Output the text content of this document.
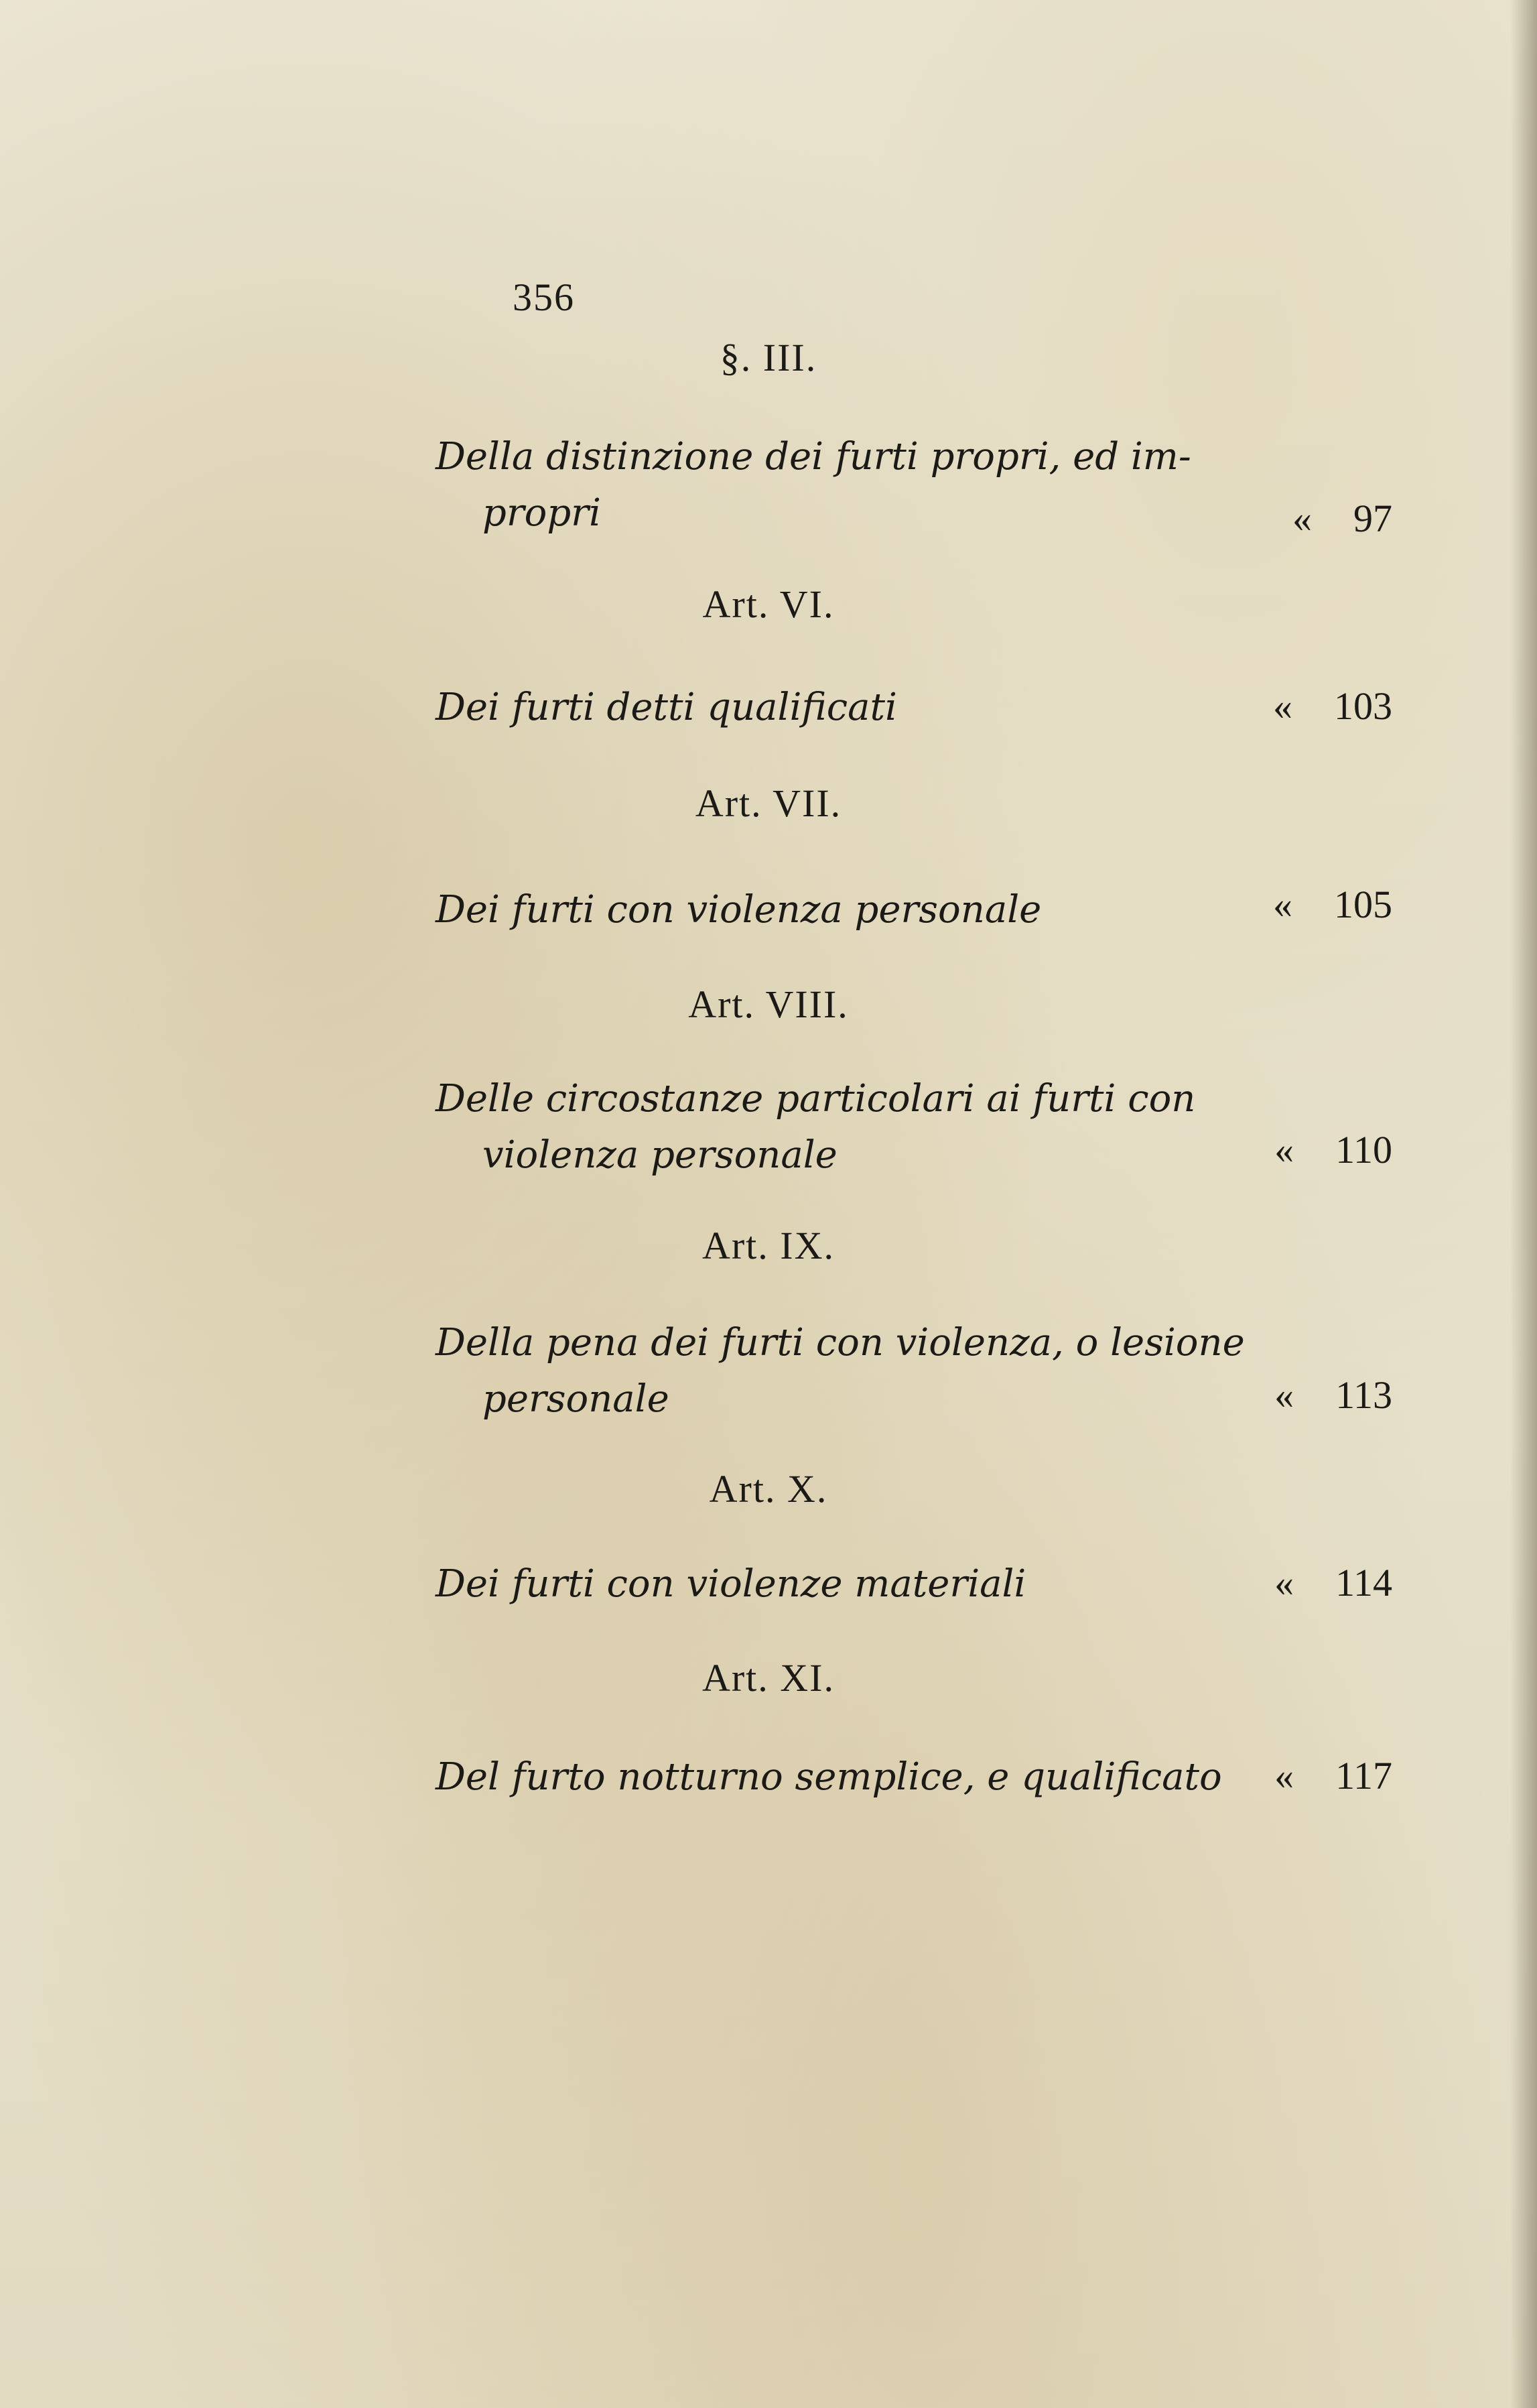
356
§. III.
Della distinzione dei furti propri, ed im-
propri	« 97
Art. VI.
Dei furti detti qualificati	« 103
Art. VII.
Dei furti con violenza personale	« 105
Art. VIII.
Delle circostanze particolari ai furti con
violenza personale	« 110
Art. IX.
Della pena dei furti con violenza, o lesione
personale	« 113
Art. X.
Dei furti con violenze materiali	« 114
Art. XI.
Del furto notturno semplice, e qualificato	« 117
